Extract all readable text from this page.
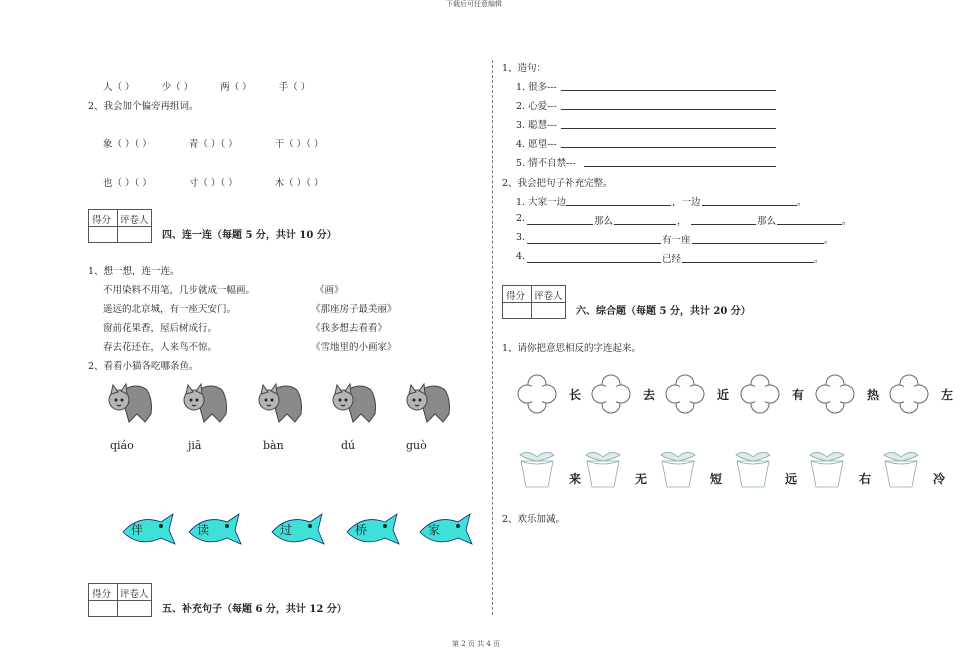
下载后可任意编辑
第 2 页 共 4 页
人（ ）	少（ ）	两（ ）	手（ ）
2、我会加个偏旁再组词。
象（ ）（ ）	青（ ）（ ）	干（ ）（ ）
也（ ）（ ）	寸（ ）（ ）	木（ ）（ ）
得分 评卷人
四、连一连（每题 5 分，共计 10 分）
1、想一想，连一连。
不用染料不用笔，几步就成一幅画。	《画》
遥远的北京城，有一座天安门。	《那座房子最美丽》
窗前花果香，屋后树成行。	《我多想去看看》
春去花还在，人来鸟不惊。	《雪地里的小画家》
2、看看小猫各吃哪条鱼。
qiáo	jiā	bàn	dú	guò
伴	读	过	桥	家
得分 评卷人
五、补充句子（每题 6 分，共计 12 分）
1、造句：
1. 很多---
2. 心爱---
3. 聪慧---
4. 愿望---
5. 情不自禁---
2、我会把句子补充完整。
1. 大家一边	，一边	。
2.	那么	，	那么	。
3.	有一座	。
4.	已经	。
得分 评卷人
六、综合题（每题 5 分，共计 20 分）
1、请你把意思相反的字连起来。
长	去	近	有	热	左
来	无	短	远	右	冷
2、欢乐加减。
